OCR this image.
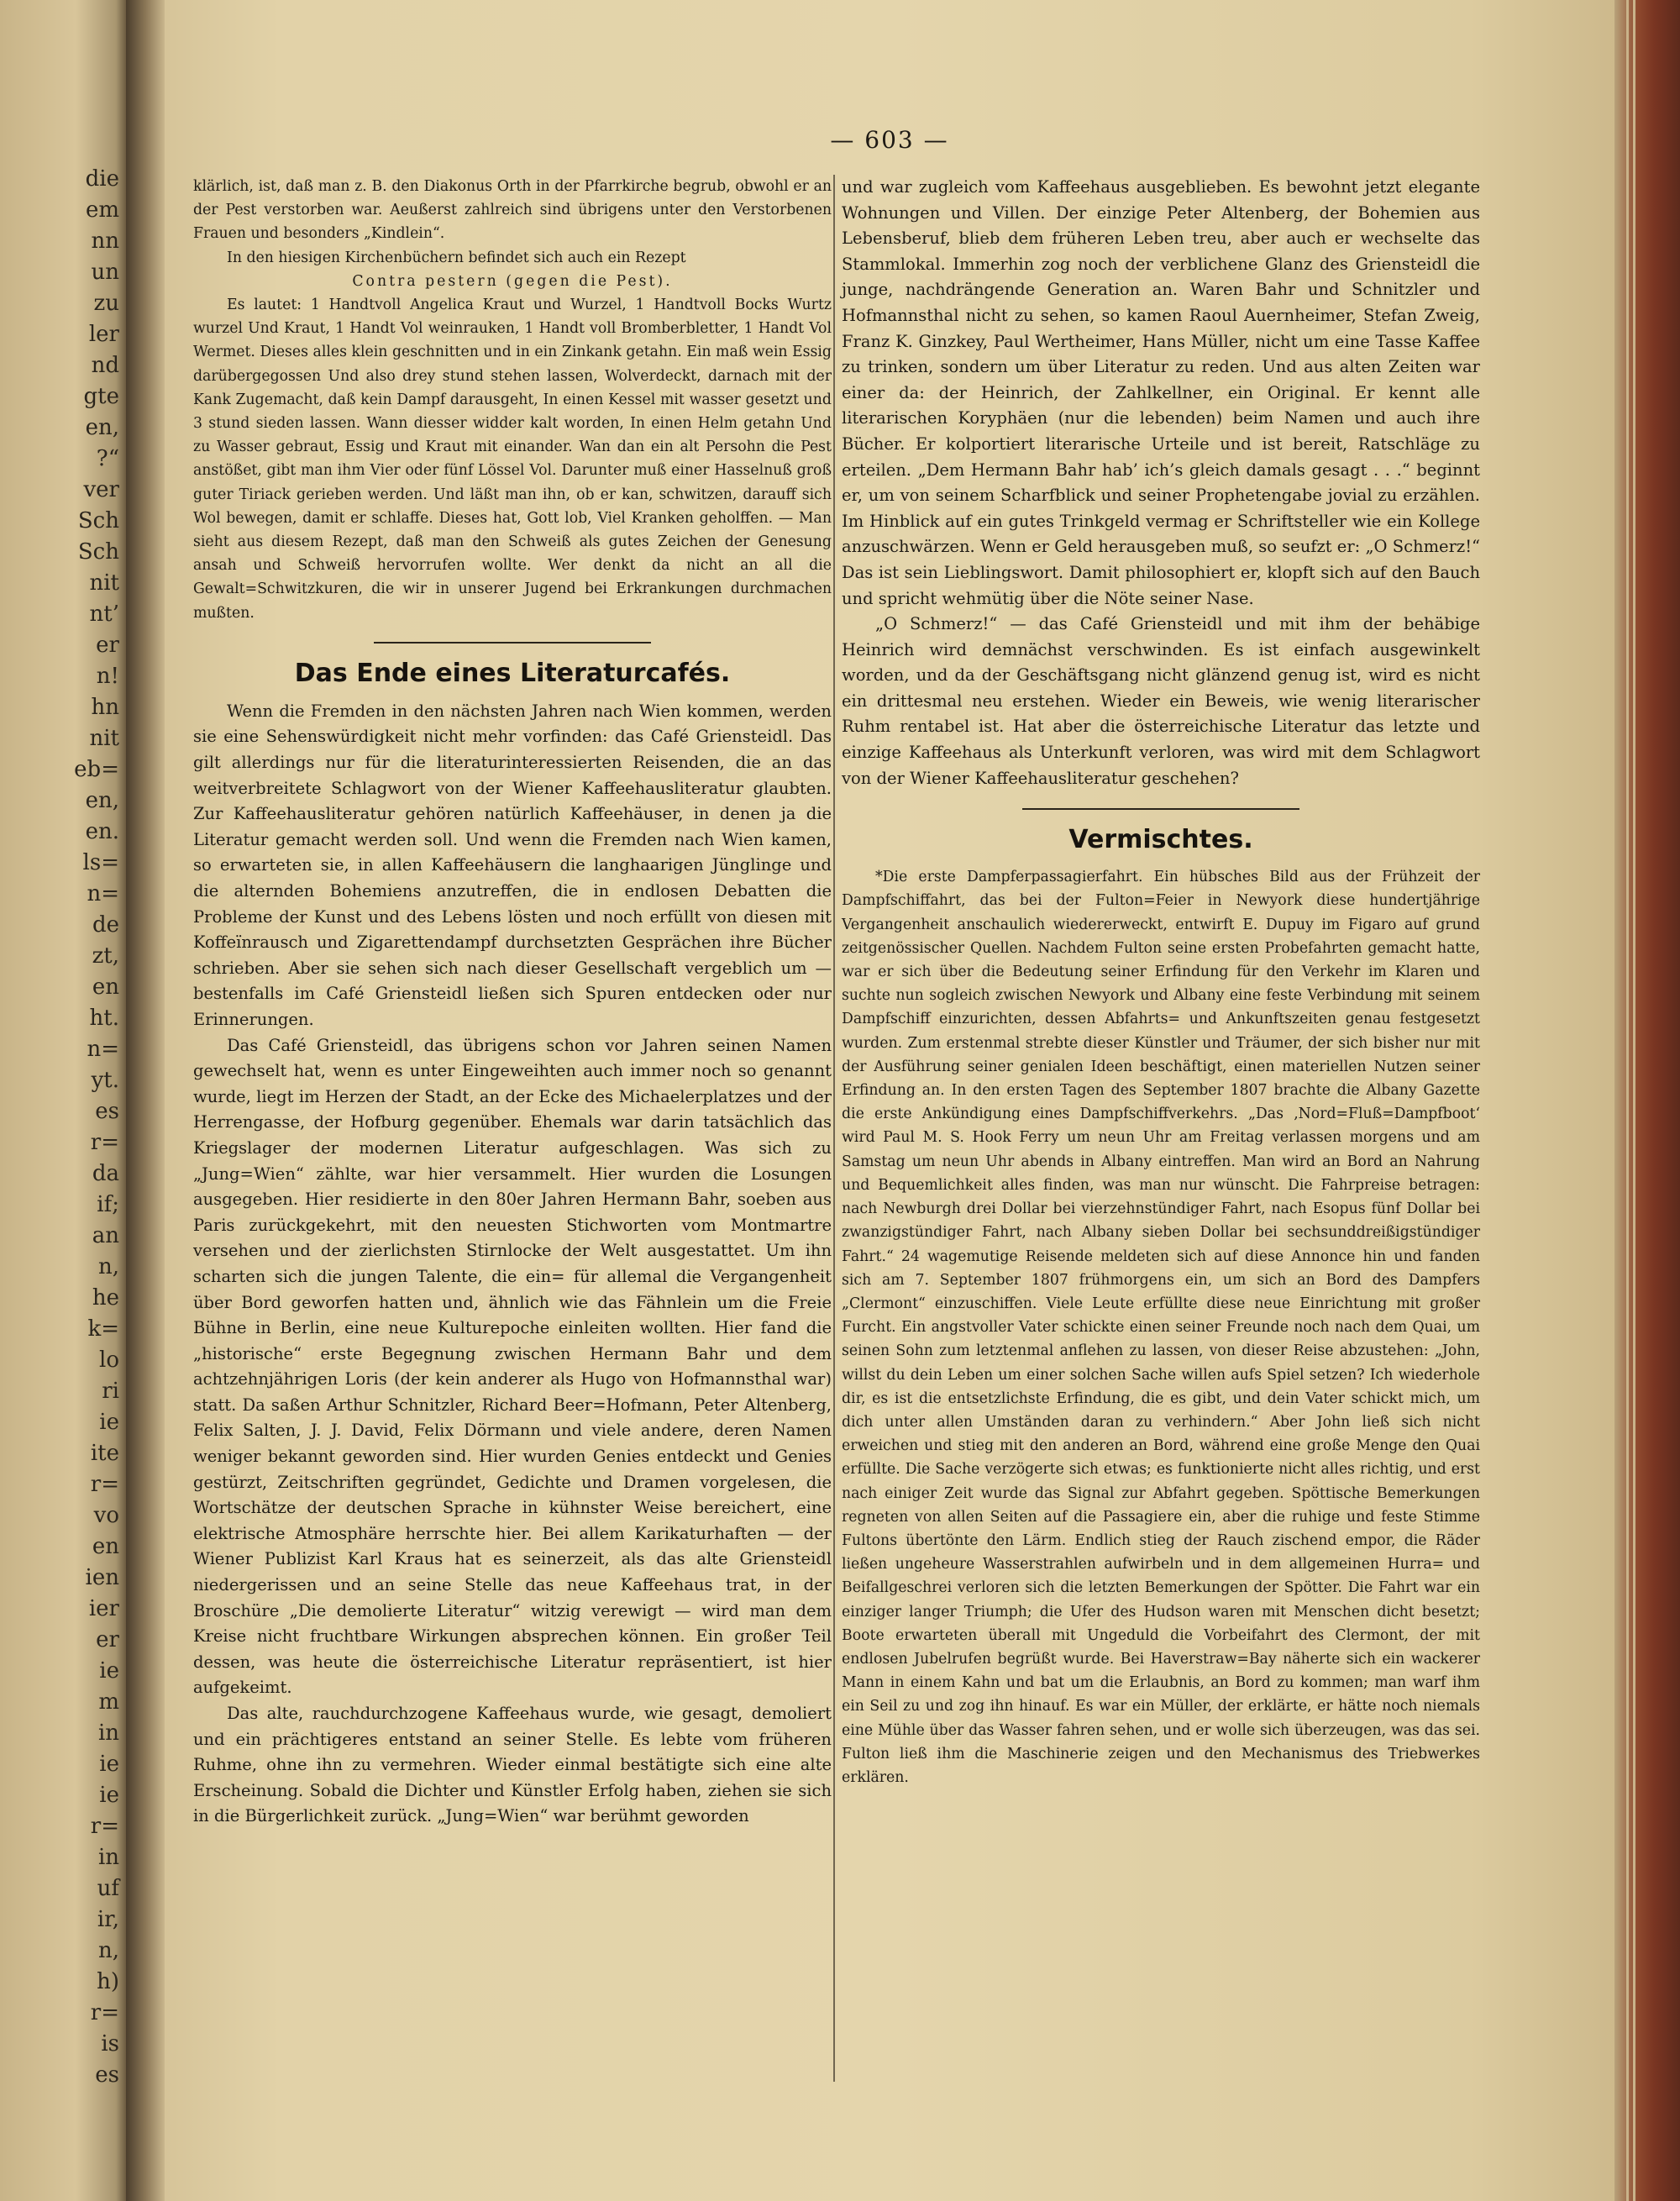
die
em
nn
un
zu
ler
nd
gte
en,
?“
ver
Sch
Sch
nit
nt’
er
n!
hn
nit
eb=
en,
en.
ls=
n=
de
zt,
en
ht.
n=
yt.
es
r=
da
if;
an
n,
he
k=
lo
ri
ie
ite
r=
vo
en
ien
ier
er
ie
m
in
ie
ie
r=
in
uf
ir,
n,
h)
r=
is
es
— 603 —

klärlich, ist, daß man z. B. den Diakonus Orth in der Pfarrkirche begrub, obwohl er an der Pest verstorben war. Aeußerst zahlreich sind übrigens unter den Verstorbenen Frauen und besonders „Kindlein“.

In den hiesigen Kirchenbüchern befindet sich auch ein Rezept

Contra pestern (gegen die Pest).

Es lautet: 1 Handtvoll Angelica Kraut und Wurzel, 1 Handtvoll Bocks Wurtz wurzel Und Kraut, 1 Handt Vol weinrauken, 1 Handt voll Bromberbletter, 1 Handt Vol Wermet. Dieses alles klein geschnitten und in ein Zinkank getahn. Ein maß wein Essig darübergegossen Und also drey stund stehen lassen, Wolverdeckt, darnach mit der Kank Zugemacht, daß kein Dampf darausgeht, In einen Kessel mit wasser gesetzt und 3 stund sieden lassen. Wann diesser widder kalt worden, In einen Helm getahn Und zu Wasser gebraut, Essig und Kraut mit einander. Wan dan ein alt Persohn die Pest anstößet, gibt man ihm Vier oder fünf Lössel Vol. Darunter muß einer Hasselnuß groß guter Tiriack gerieben werden. Und läßt man ihn, ob er kan, schwitzen, darauff sich Wol bewegen, damit er schlaffe. Dieses hat, Gott lob, Viel Kranken geholffen. — Man sieht aus diesem Rezept, daß man den Schweiß als gutes Zeichen der Genesung ansah und Schweiß hervorrufen wollte. Wer denkt da nicht an all die Gewalt=Schwitzkuren, die wir in unserer Jugend bei Erkrankungen durchmachen mußten.

Das Ende eines Literaturcafés.

Wenn die Fremden in den nächsten Jahren nach Wien kommen, werden sie eine Sehenswürdigkeit nicht mehr vorfinden: das Café Griensteidl. Das gilt allerdings nur für die literaturinteressierten Reisenden, die an das weitverbreitete Schlagwort von der Wiener Kaffeehausliteratur glaubten. Zur Kaffeehausliteratur gehören natürlich Kaffeehäuser, in denen ja die Literatur gemacht werden soll. Und wenn die Fremden nach Wien kamen, so erwarteten sie, in allen Kaffeehäusern die langhaarigen Jünglinge und die alternden Bohemiens anzutreffen, die in endlosen Debatten die Probleme der Kunst und des Lebens lösten und noch erfüllt von diesen mit Koffeïnrausch und Zigarettendampf durchsetzten Gesprächen ihre Bücher schrieben. Aber sie sehen sich nach dieser Gesellschaft vergeblich um — bestenfalls im Café Griensteidl ließen sich Spuren entdecken oder nur Erinnerungen.

Das Café Griensteidl, das übrigens schon vor Jahren seinen Namen gewechselt hat, wenn es unter Eingeweihten auch immer noch so genannt wurde, liegt im Herzen der Stadt, an der Ecke des Michaelerplatzes und der Herrengasse, der Hofburg gegenüber. Ehemals war darin tatsächlich das Kriegslager der modernen Literatur aufgeschlagen. Was sich zu „Jung=Wien“ zählte, war hier versammelt. Hier wurden die Losungen ausgegeben. Hier residierte in den 80er Jahren Hermann Bahr, soeben aus Paris zurückgekehrt, mit den neuesten Stichworten vom Montmartre versehen und der zierlichsten Stirnlocke der Welt ausgestattet. Um ihn scharten sich die jungen Talente, die ein= für allemal die Vergangenheit über Bord geworfen hatten und, ähnlich wie das Fähnlein um die Freie Bühne in Berlin, eine neue Kulturepoche einleiten wollten. Hier fand die „historische“ erste Begegnung zwischen Hermann Bahr und dem achtzehnjährigen Loris (der kein anderer als Hugo von Hofmannsthal war) statt. Da saßen Arthur Schnitzler, Richard Beer=Hofmann, Peter Altenberg, Felix Salten, J. J. David, Felix Dörmann und viele andere, deren Namen weniger bekannt geworden sind. Hier wurden Genies entdeckt und Genies gestürzt, Zeitschriften gegründet, Gedichte und Dramen vorgelesen, die Wortschätze der deutschen Sprache in kühnster Weise bereichert, eine elektrische Atmosphäre herrschte hier. Bei allem Karikaturhaften — der Wiener Publizist Karl Kraus hat es seinerzeit, als das alte Griensteidl niedergerissen und an seine Stelle das neue Kaffeehaus trat, in der Broschüre „Die demolierte Literatur“ witzig verewigt — wird man dem Kreise nicht fruchtbare Wirkungen absprechen können. Ein großer Teil dessen, was heute die österreichische Literatur repräsentiert, ist hier aufgekeimt.

Das alte, rauchdurchzogene Kaffeehaus wurde, wie gesagt, demoliert und ein prächtigeres entstand an seiner Stelle. Es lebte vom früheren Ruhme, ohne ihn zu vermehren. Wieder einmal bestätigte sich eine alte Erscheinung. Sobald die Dichter und Künstler Erfolg haben, ziehen sie sich in die Bürgerlichkeit zurück. „Jung=Wien“ war berühmt geworden

und war zugleich vom Kaffeehaus ausgeblieben. Es bewohnt jetzt elegante Wohnungen und Villen. Der einzige Peter Altenberg, der Bohemien aus Lebensberuf, blieb dem früheren Leben treu, aber auch er wechselte das Stammlokal. Immerhin zog noch der verblichene Glanz des Griensteidl die junge, nachdrängende Generation an. Waren Bahr und Schnitzler und Hofmannsthal nicht zu sehen, so kamen Raoul Auernheimer, Stefan Zweig, Franz K. Ginzkey, Paul Wertheimer, Hans Müller, nicht um eine Tasse Kaffee zu trinken, sondern um über Literatur zu reden. Und aus alten Zeiten war einer da: der Heinrich, der Zahlkellner, ein Original. Er kennt alle literarischen Koryphäen (nur die lebenden) beim Namen und auch ihre Bücher. Er kolportiert literarische Urteile und ist bereit, Ratschläge zu erteilen. „Dem Hermann Bahr hab’ ich’s gleich damals gesagt . . .“ beginnt er, um von seinem Scharfblick und seiner Prophetengabe jovial zu erzählen. Im Hinblick auf ein gutes Trinkgeld vermag er Schriftsteller wie ein Kollege anzuschwärzen. Wenn er Geld herausgeben muß, so seufzt er: „O Schmerz!“ Das ist sein Lieblingswort. Damit philosophiert er, klopft sich auf den Bauch und spricht wehmütig über die Nöte seiner Nase.

„O Schmerz!“ — das Café Griensteidl und mit ihm der behäbige Heinrich wird demnächst verschwinden. Es ist einfach ausgewinkelt worden, und da der Geschäftsgang nicht glänzend genug ist, wird es nicht ein drittesmal neu erstehen. Wieder ein Beweis, wie wenig literarischer Ruhm rentabel ist. Hat aber die österreichische Literatur das letzte und einzige Kaffeehaus als Unterkunft verloren, was wird mit dem Schlagwort von der Wiener Kaffeehausliteratur geschehen?

Vermischtes.

*Die erste Dampferpassagierfahrt. Ein hübsches Bild aus der Frühzeit der Dampfschiffahrt, das bei der Fulton=Feier in Newyork diese hundertjährige Vergangenheit anschaulich wiedererweckt, entwirft E. Dupuy im Figaro auf grund zeitgenössischer Quellen. Nachdem Fulton seine ersten Probefahrten gemacht hatte, war er sich über die Bedeutung seiner Erfindung für den Verkehr im Klaren und suchte nun sogleich zwischen Newyork und Albany eine feste Verbindung mit seinem Dampfschiff einzurichten, dessen Abfahrts= und Ankunftszeiten genau festgesetzt wurden. Zum erstenmal strebte dieser Künstler und Träumer, der sich bisher nur mit der Ausführung seiner genialen Ideen beschäftigt, einen materiellen Nutzen seiner Erfindung an. In den ersten Tagen des September 1807 brachte die Albany Gazette die erste Ankündigung eines Dampfschiffverkehrs. „Das ‚Nord=Fluß=Dampfboot‘ wird Paul M. S. Hook Ferry um neun Uhr am Freitag verlassen morgens und am Samstag um neun Uhr abends in Albany eintreffen. Man wird an Bord an Nahrung und Bequemlichkeit alles finden, was man nur wünscht. Die Fahrpreise betragen: nach Newburgh drei Dollar bei vierzehnstündiger Fahrt, nach Esopus fünf Dollar bei zwanzigstündiger Fahrt, nach Albany sieben Dollar bei sechsunddreißigstündiger Fahrt.“ 24 wagemutige Reisende meldeten sich auf diese Annonce hin und fanden sich am 7. September 1807 frühmorgens ein, um sich an Bord des Dampfers „Clermont“ einzuschiffen. Viele Leute erfüllte diese neue Einrichtung mit großer Furcht. Ein angstvoller Vater schickte einen seiner Freunde noch nach dem Quai, um seinen Sohn zum letztenmal anflehen zu lassen, von dieser Reise abzustehen: „John, willst du dein Leben um einer solchen Sache willen aufs Spiel setzen? Ich wiederhole dir, es ist die entsetzlichste Erfindung, die es gibt, und dein Vater schickt mich, um dich unter allen Umständen daran zu verhindern.“ Aber John ließ sich nicht erweichen und stieg mit den anderen an Bord, während eine große Menge den Quai erfüllte. Die Sache verzögerte sich etwas; es funktionierte nicht alles richtig, und erst nach einiger Zeit wurde das Signal zur Abfahrt gegeben. Spöttische Bemerkungen regneten von allen Seiten auf die Passagiere ein, aber die ruhige und feste Stimme Fultons übertönte den Lärm. Endlich stieg der Rauch zischend empor, die Räder ließen ungeheure Wasserstrahlen aufwirbeln und in dem allgemeinen Hurra= und Beifallgeschrei verloren sich die letzten Bemerkungen der Spötter. Die Fahrt war ein einziger langer Triumph; die Ufer des Hudson waren mit Menschen dicht besetzt; Boote erwarteten überall mit Ungeduld die Vorbeifahrt des Clermont, der mit endlosen Jubelrufen begrüßt wurde. Bei Haverstraw=Bay näherte sich ein wackerer Mann in einem Kahn und bat um die Erlaubnis, an Bord zu kommen; man warf ihm ein Seil zu und zog ihn hinauf. Es war ein Müller, der erklärte, er hätte noch niemals eine Mühle über das Wasser fahren sehen, und er wolle sich überzeugen, was das sei. Fulton ließ ihm die Maschinerie zeigen und den Mechanismus des Triebwerkes erklären.
